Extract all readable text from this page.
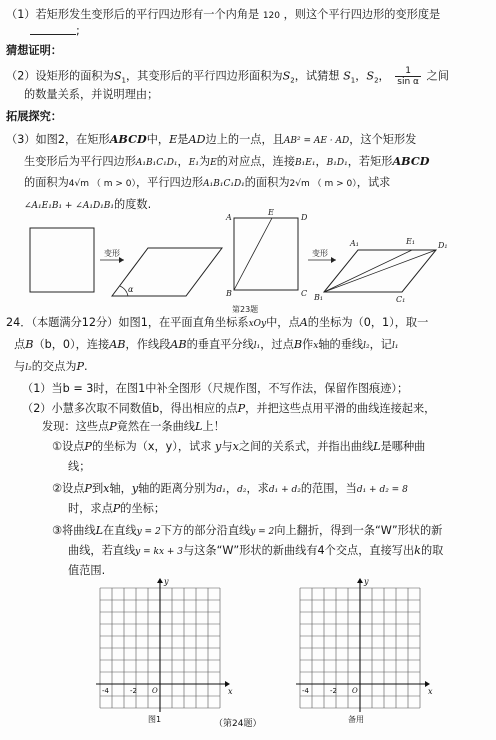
（1）若矩形发生变形后的平行四边形有一个内角是 120 ，则这个平行四边形的变形度是
;
猜想证明：
（2）设矩形的面积为$S_1$，其变形后的平行四边形面积为$S_2$，试猜想 $S_1$，$S_2$， $\frac{1}{\text{sin α}}$ 之间
的数量关系，并说明理由；
拓展探究：
（3）如图2，在矩形ABCD中，E是AD边上的一点，且AB² = AE · AD，这个矩形发
生变形后为平行四边形A₁B₁C₁D₁，E₁为E的对应点，连接B₁E₁，B₁D₁，若矩形ABCD
的面积为4√m （ m > 0），平行四边形A₁B₁C₁D₁的面积为2√m （ m > 0），试求
∠A₁E₁B₁ + ∠A₁D₁B₁的度数.
变形
α
A
E
D
B	C
变形
A₁	E₁	D₁
B₁	C₁
第23题
24．（本题满分12分）如图1，在平面直角坐标系xOy中，点A的坐标为（0，1），取一
点B（b，0），连接AB，作线段AB的垂直平分线l₁，过点B作x轴的垂线l₂，记l₁
与l₂的交点为P.
（1）当b = 3时，在图1中补全图形（尺规作图，不写作法，保留作图痕迹）；
（2）小慧多次取不同数值b，得出相应的点P，并把这些点用平滑的曲线连接起来，
发现：这些点P竟然在一条曲线L上！
①设点P的坐标为（x，y），试求 y与x之间的关系式，并指出曲线L是哪种曲
线；
②设点P到x轴，y轴的距离分别为d₁，d₂，求d₁ + d₂的范围，当d₁ + d₂ = 8
时，求点P的坐标；
③将曲线L在直线y = 2下方的部分沿直线y = 2向上翻折，得到一条“W”形状的新
曲线，若直线y = kx + 3与这条“W”形状的新曲线有4个交点，直接写出k的取
值范围.
y
x
-4	-2 O
图1
y
x
-4	-2 O
备用
（第24题）
